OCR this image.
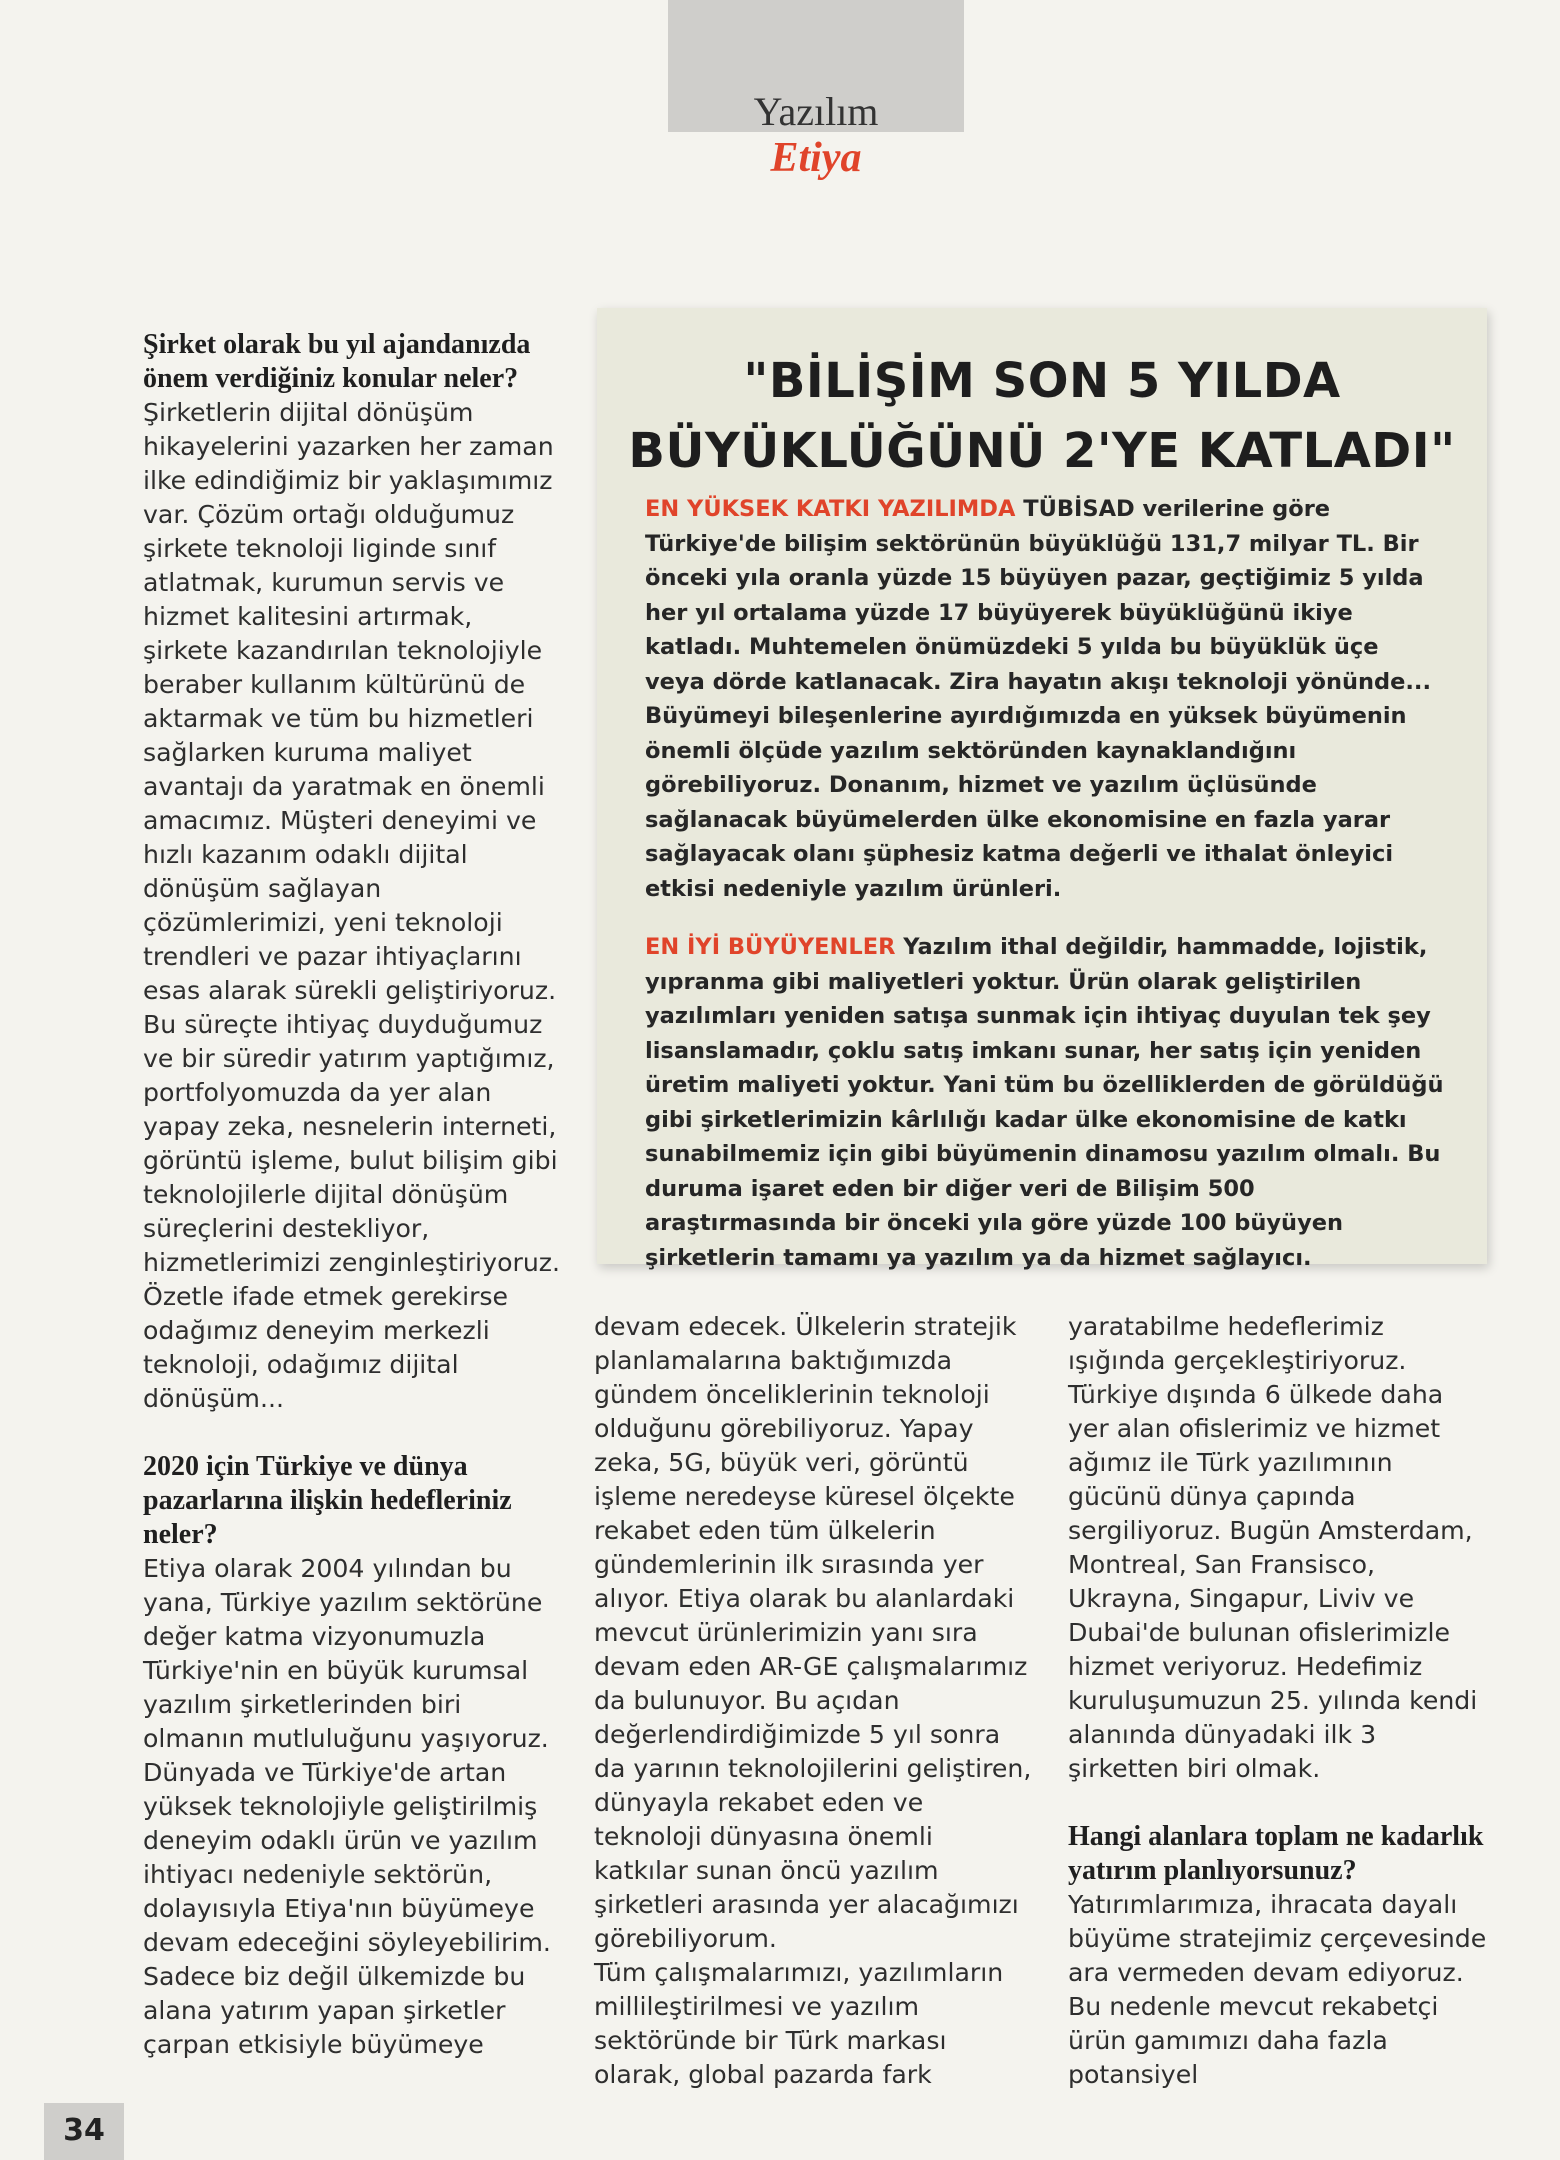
Yazılım
Etiya

Şirket olarak bu yıl ajandanızda önem verdiğiniz konular neler?

Şirketlerin dijital dönüşüm hikayelerini yazarken her zaman ilke edindiğimiz bir yaklaşımımız var. Çözüm ortağı olduğumuz şirkete teknoloji liginde sınıf atlatmak, kurumun servis ve hizmet kalitesini artırmak, şirkete kazandırılan teknolojiyle beraber kullanım kültürünü de aktarmak ve tüm bu hizmetleri sağlarken kuruma maliyet avantajı da yaratmak en önemli amacımız. Müşteri deneyimi ve hızlı kazanım odaklı dijital dönüşüm sağlayan çözümlerimizi, yeni teknoloji trendleri ve pazar ihtiyaçlarını esas alarak sürekli geliştiriyoruz. Bu süreçte ihtiyaç duyduğumuz ve bir süredir yatırım yaptığımız, portfolyomuzda da yer alan yapay zeka, nesnelerin interneti, görüntü işleme, bulut bilişim gibi teknolojilerle dijital dönüşüm süreçlerini destekliyor, hizmetlerimizi zenginleştiriyoruz. Özetle ifade etmek gerekirse odağımız deneyim merkezli teknoloji, odağımız dijital dönüşüm...

2020 için Türkiye ve dünya pazarlarına ilişkin hedefleriniz neler?

Etiya olarak 2004 yılından bu yana, Türkiye yazılım sektörüne değer katma vizyonumuzla Türkiye'nin en büyük kurumsal yazılım şirketlerinden biri olmanın mutluluğunu yaşıyoruz.

Dünyada ve Türkiye'de artan yüksek teknolojiyle geliştirilmiş deneyim odaklı ürün ve yazılım ihtiyacı nedeniyle sektörün, dolayısıyla Etiya'nın büyümeye devam edeceğini söyleyebilirim. Sadece biz değil ülkemizde bu alana yatırım yapan şirketler çarpan etkisiyle büyümeye

"BİLİŞİM SON 5 YILDA
BÜYÜKLÜĞÜNÜ 2'YE KATLADI"

EN YÜKSEK KATKI YAZILIMDA TÜBİSAD verilerine göre Türkiye'de bilişim sektörünün büyüklüğü 131,7 milyar TL. Bir önceki yıla oranla yüzde 15 büyüyen pazar, geçtiğimiz 5 yılda her yıl ortalama yüzde 17 büyüyerek büyüklüğünü ikiye katladı. Muhtemelen önümüzdeki 5 yılda bu büyüklük üçe veya dörde katlanacak. Zira hayatın akışı teknoloji yönünde... Büyümeyi bileşenlerine ayırdığımızda en yüksek büyümenin önemli ölçüde yazılım sektöründen kaynaklandığını görebiliyoruz. Donanım, hizmet ve yazılım üçlüsünde sağlanacak büyümelerden ülke ekonomisine en fazla yarar sağlayacak olanı şüphesiz katma değerli ve ithalat önleyici etkisi nedeniyle yazılım ürünleri.

EN İYİ BÜYÜYENLER Yazılım ithal değildir, hammadde, lojistik, yıpranma gibi maliyetleri yoktur. Ürün olarak geliştirilen yazılımları yeniden satışa sunmak için ihtiyaç duyulan tek şey lisanslamadır, çoklu satış imkanı sunar, her satış için yeniden üretim maliyeti yoktur. Yani tüm bu özelliklerden de görüldüğü gibi şirketlerimizin kârlılığı kadar ülke ekonomisine de katkı sunabilmemiz için gibi büyümenin dinamosu yazılım olmalı. Bu duruma işaret eden bir diğer veri de Bilişim 500 araştırmasında bir önceki yıla göre yüzde 100 büyüyen şirketlerin tamamı ya yazılım ya da hizmet sağlayıcı.

devam edecek. Ülkelerin stratejik planlamalarına baktığımızda gündem önceliklerinin teknoloji olduğunu görebiliyoruz. Yapay zeka, 5G, büyük veri, görüntü işleme neredeyse küresel ölçekte rekabet eden tüm ülkelerin gündemlerinin ilk sırasında yer alıyor. Etiya olarak bu alanlardaki mevcut ürünlerimizin yanı sıra devam eden AR-GE çalışmalarımız da bulunuyor. Bu açıdan değerlendirdiğimizde 5 yıl sonra da yarının teknolojilerini geliştiren, dünyayla rekabet eden ve teknoloji dünyasına önemli katkılar sunan öncü yazılım şirketleri arasında yer alacağımızı görebiliyorum.

Tüm çalışmalarımızı, yazılımların millileştirilmesi ve yazılım sektöründe bir Türk markası olarak, global pazarda fark

yaratabilme hedeflerimiz ışığında gerçekleştiriyoruz.

Türkiye dışında 6 ülkede daha yer alan ofislerimiz ve hizmet ağımız ile Türk yazılımının gücünü dünya çapında sergiliyoruz. Bugün Amsterdam, Montreal, San Fransisco, Ukrayna, Singapur, Liviv ve Dubai'de bulunan ofislerimizle hizmet veriyoruz. Hedefimiz kuruluşumuzun 25. yılında kendi alanında dünyadaki ilk 3 şirketten biri olmak.

Hangi alanlara toplam ne kadarlık yatırım planlıyorsunuz?

Yatırımlarımıza, ihracata dayalı büyüme stratejimiz çerçevesinde ara vermeden devam ediyoruz. Bu nedenle mevcut rekabetçi ürün gamımızı daha fazla potansiyel

34
